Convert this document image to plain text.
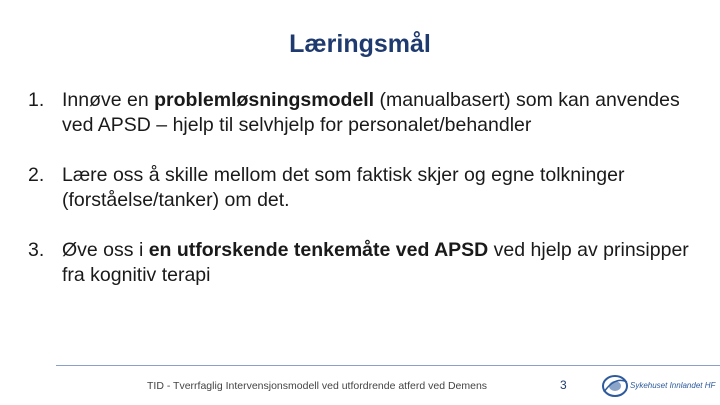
Læringsmål
1. Innøve en problemløsningsmodell (manualbasert) som kan anvendes ved APSD – hjelp til selvhjelp for personalet/behandler
2. Lære oss å skille mellom det som faktisk skjer og egne tolkninger (forståelse/tanker) om det.
3. Øve oss i en utforskende tenkemåte ved APSD ved hjelp av prinsipper fra kognitiv terapi
TID - Tverrfaglig Intervensjonsmodell ved utfordrende atferd ved Demens	3	Sykehuset Innlandet HF
